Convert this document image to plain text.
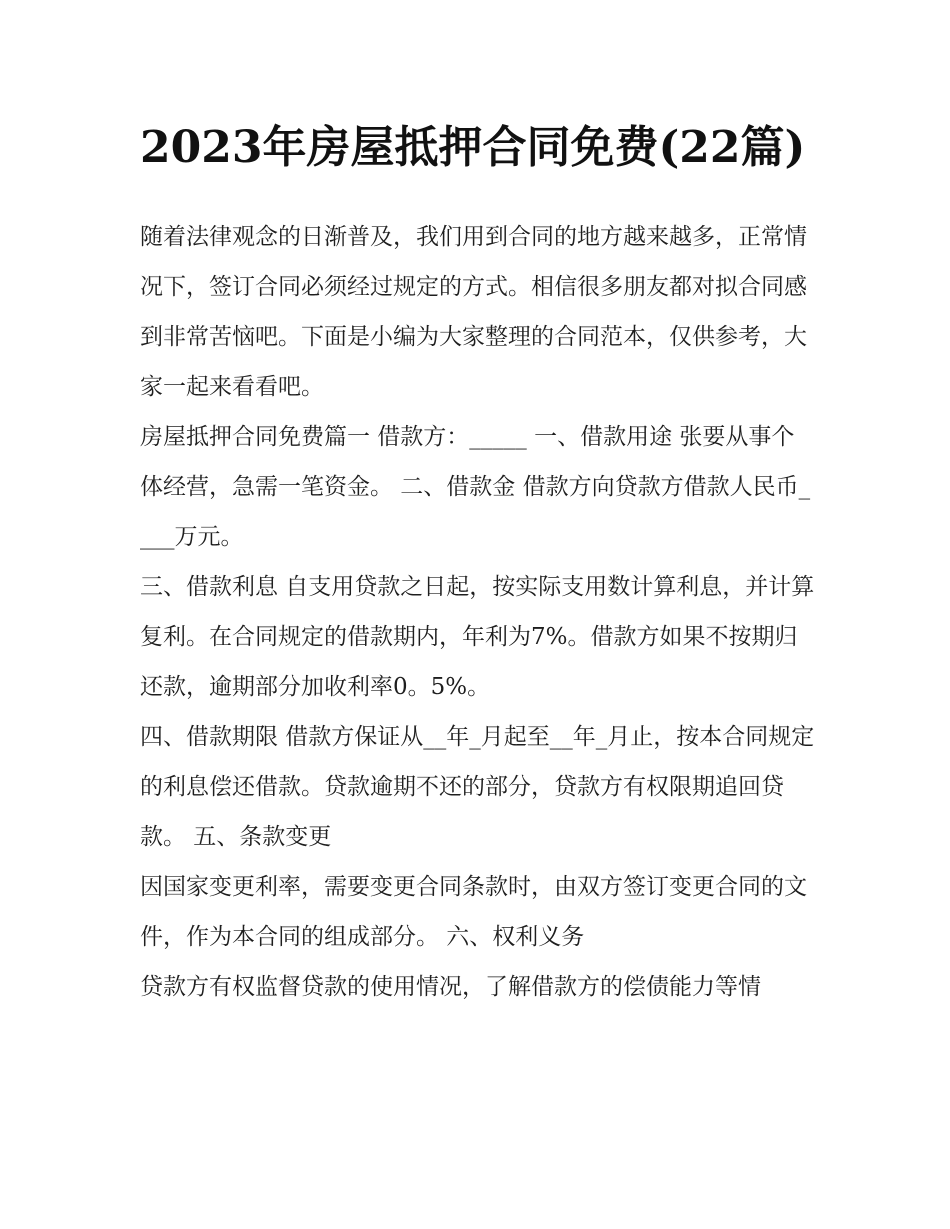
2023年房屋抵押合同免费(22篇)

随着法律观念的日渐普及，我们用到合同的地方越来越多，正常情况下，签订合同必须经过规定的方式。相信很多朋友都对拟合同感到非常苦恼吧。下面是小编为大家整理的合同范本，仅供参考，大家一起来看看吧。

房屋抵押合同免费篇一 借款方：_____ 一、借款用途 张要从事个体经营，急需一笔资金。 二、借款金 借款方向贷款方借款人民币____万元。

三、借款利息 自支用贷款之日起，按实际支用数计算利息，并计算复利。在合同规定的借款期内，年利为7%。借款方如果不按期归还款，逾期部分加收利率0。5%。

四、借款期限 借款方保证从__年_月起至__年_月止，按本合同规定的利息偿还借款。贷款逾期不还的部分，贷款方有权限期追回贷款。 五、条款变更

因国家变更利率，需要变更合同条款时，由双方签订变更合同的文件，作为本合同的组成部分。 六、权利义务

贷款方有权监督贷款的使用情况，了解借款方的偿债能力等情
